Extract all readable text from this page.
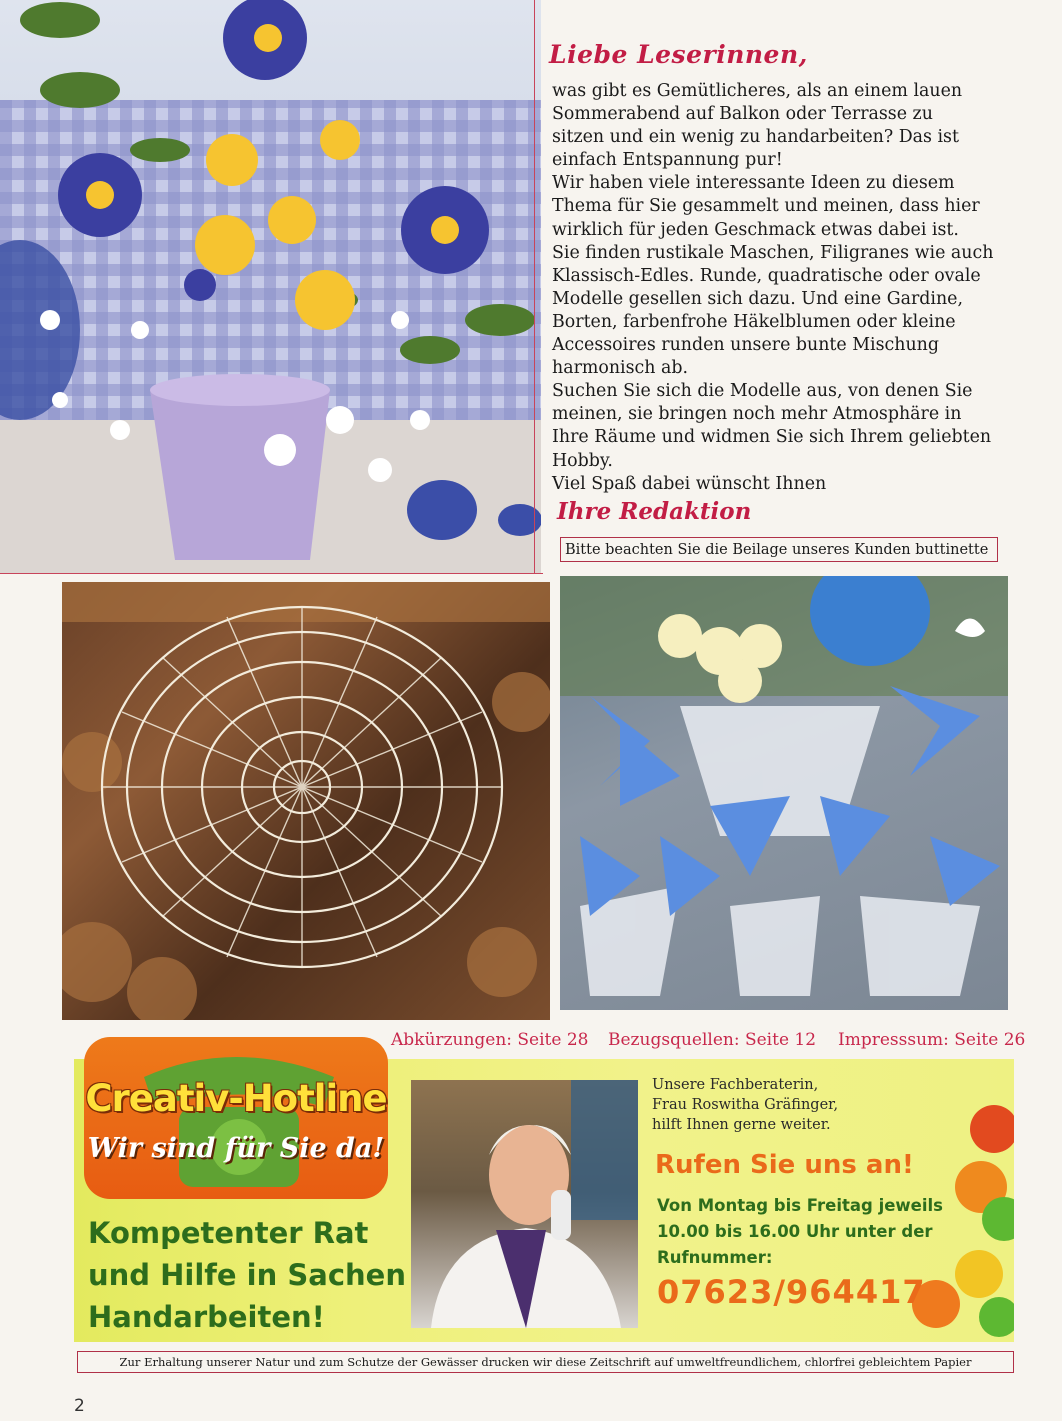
Liebe Leserinnen,

was gibt es Gemütlicheres, als an einem lauen

Sommerabend auf Balkon oder Terrasse zu

sitzen und ein wenig zu handarbeiten? Das ist

einfach Entspannung pur!

Wir haben viele interessante Ideen zu diesem

Thema für Sie gesammelt und meinen, dass hier

wirklich für jeden Geschmack etwas dabei ist.

Sie finden rustikale Maschen, Filigranes wie auch

Klassisch-Edles. Runde, quadratische oder ovale

Modelle gesellen sich dazu. Und eine Gardine,

Borten, farbenfrohe Häkelblumen oder kleine

Accessoires runden unsere bunte Mischung

harmonisch ab.

Suchen Sie sich die Modelle aus, von denen Sie

meinen, sie bringen noch mehr Atmosphäre in

Ihre Räume und widmen Sie sich Ihrem geliebten

Hobby.

Viel Spaß dabei wünscht Ihnen

Ihre Redaktion
Bitte beachten Sie die Beilage unseres Kunden buttinette
Abkürzungen: Seite 28 Bezugsquellen: Seite 12 Impresssum: Seite 26
Creativ-Hotline
Wir sind für Sie da!
Kompetenter Rat
und Hilfe in Sachen
Handarbeiten!
Unsere Fachberaterin,
Frau Roswitha Gräfinger,
hilft Ihnen gerne weiter.
Rufen Sie uns an!
Von Montag bis Freitag jeweils
10.00 bis 16.00 Uhr unter der
Rufnummer:
07623/964417
Zur Erhaltung unserer Natur und zum Schutze der Gewässer drucken wir diese Zeitschrift auf umweltfreundlichem, chlorfrei gebleichtem Papier
2
